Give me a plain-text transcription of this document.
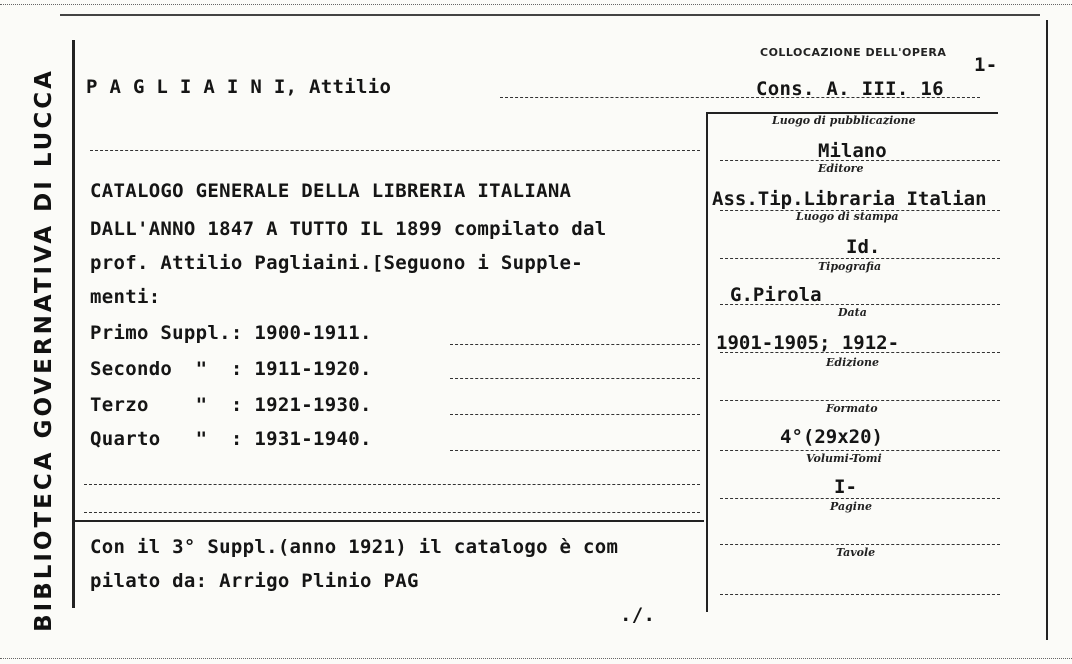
BIBLIOTECA GOVERNATIVA DI LUCCA P A G L I A I N I, Attilio
COLLOCAZIONE DELL'OPERA
1-
Cons. A. III. 16
CATALOGO GENERALE DELLA LIBRERIA ITALIANA
DALL'ANNO 1847 A TUTTO IL 1899 compilato dal
prof. Attilio Pagliaini.[Seguono i Supple-
menti:
Primo Suppl.: 1900-1911.
Secondo  "  : 1911-1920.
Terzo    "  : 1921-1930.
Quarto   "  : 1931-1940.
Con il 3° Suppl.(anno 1921) il catalogo è com
pilato da: Arrigo Plinio PAG
./.
Luogo di pubblicazione
Milano
Editore
Ass.Tip.Libraria Italian
Luogo di stampa
Id.
Tipografia
G.Pirola
Data
1901-1905; 1912-
Edizione
Formato
4°(29x20)
Volumi-Tomi
I-
Pagine
Tavole
